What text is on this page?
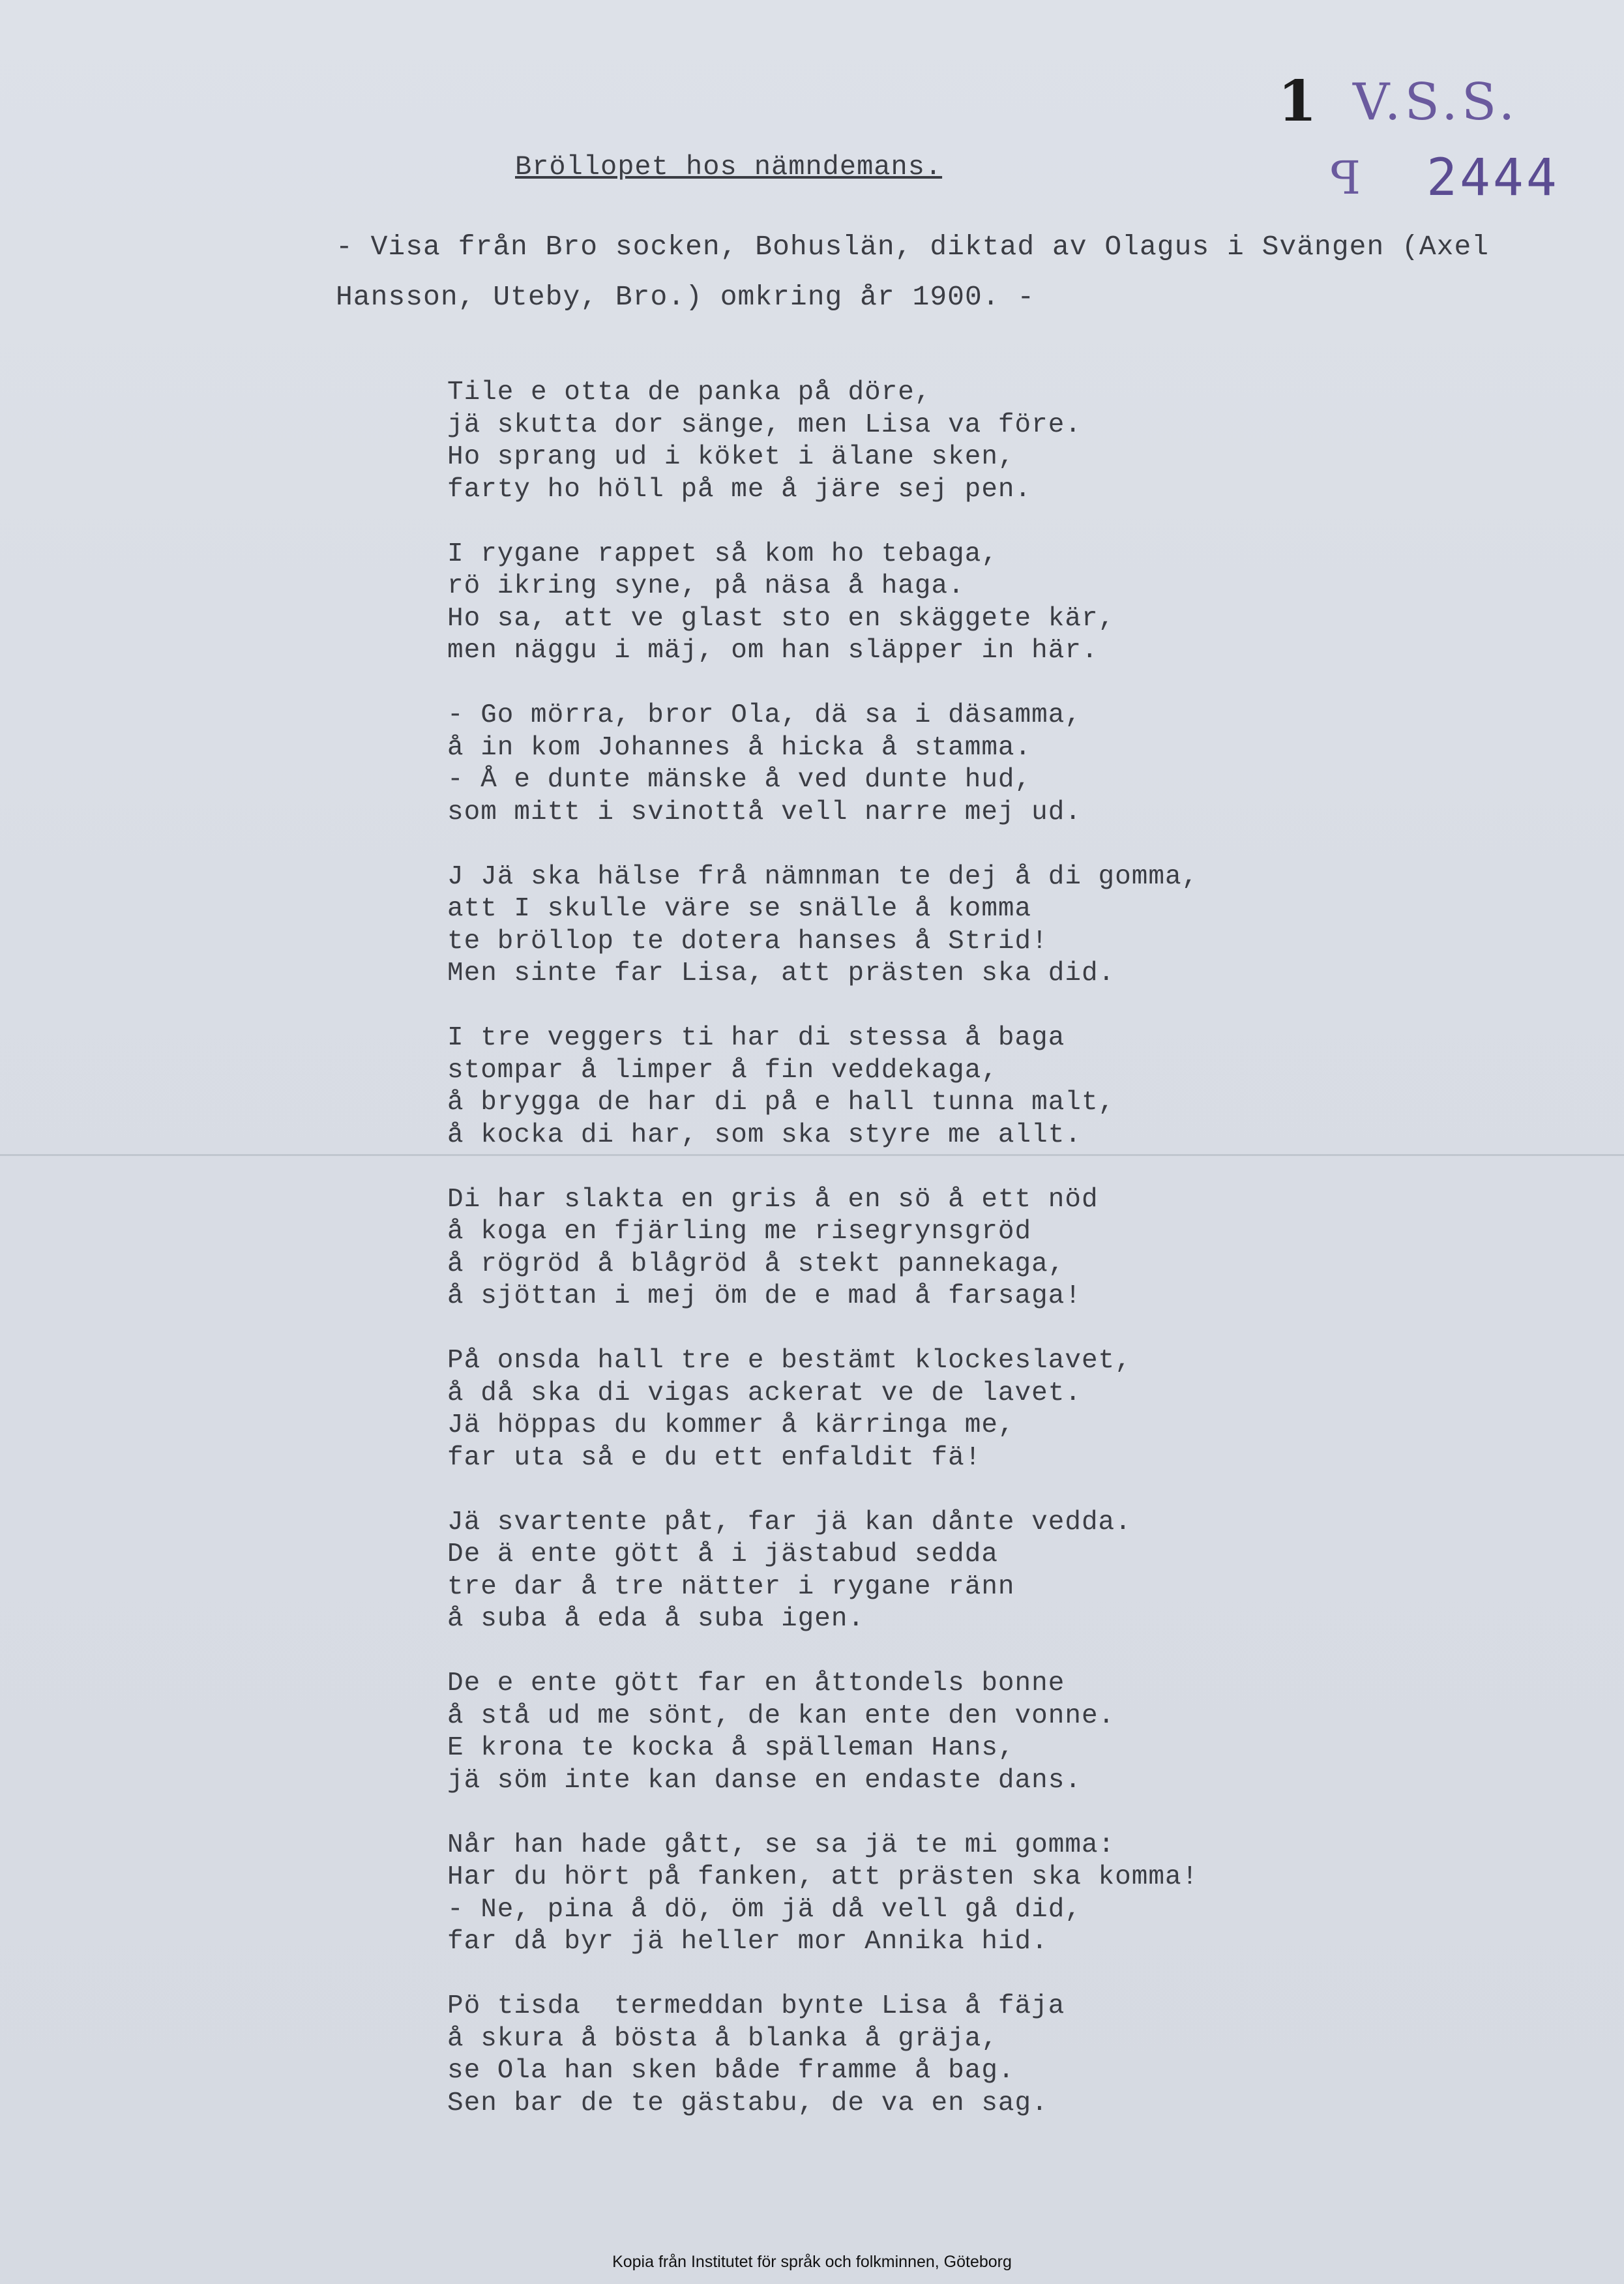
1 V.S.S.
ꟼ 2444
Bröllopet hos nämndemans.
- Visa från Bro socken, Bohuslän, diktad av Olagus i Svängen (Axel
Hansson, Uteby, Bro.) omkring år 1900. -
Tile e otta de panka på döre,
jä skutta dor sänge, men Lisa va före.
Ho sprang ud i köket i älane sken,
farty ho höll på me å järe sej pen.
I rygane rappet så kom ho tebaga,
rö ikring syne, på näsa å haga.
Ho sa, att ve glast sto en skäggete kär,
men näggu i mäj, om han släpper in här.
- Go mörra, bror Ola, dä sa i däsamma,
å in kom Johannes å hicka å stamma.
- Å e dunte mänske å ved dunte hud,
som mitt i svinottå vell narre mej ud.
J Jä ska hälse frå nämnman te dej å di gomma,
att I skulle väre se snälle å komma
te bröllop te dotera hanses å Strid!
Men sinte far Lisa, att prästen ska did.
I tre veggers ti har di stessa å baga
stompar å limper å fin veddekaga,
å brygga de har di på e hall tunna malt,
å kocka di har, som ska styre me allt.
Di har slakta en gris å en sö å ett nöd
å koga en fjärling me risegrynsgröd
å rögröd å blågröd å stekt pannekaga,
å sjöttan i mej öm de e mad å farsaga!
På onsda hall tre e bestämt klockeslavet,
å då ska di vigas ackerat ve de lavet.
Jä höppas du kommer å kärringa me,
far uta så e du ett enfaldit fä!
Jä svartente påt, far jä kan dånte vedda.
De ä ente gött å i jästabud sedda
tre dar å tre nätter i rygane ränn
å suba å eda å suba igen.
De e ente gött far en åttondels bonne
å stå ud me sönt, de kan ente den vonne.
E krona te kocka å spälleman Hans,
jä söm inte kan danse en endaste dans.
Når han hade gått, se sa jä te mi gomma:
Har du hört på fanken, att prästen ska komma!
- Ne, pina å dö, öm jä då vell gå did,
far då byr jä heller mor Annika hid.
Pö tisda  termeddan bynte Lisa å fäja
å skura å bösta å blanka å gräja,
se Ola han sken både framme å bag.
Sen bar de te gästabu, de va en sag.
Kopia från Institutet för språk och folkminnen, Göteborg
